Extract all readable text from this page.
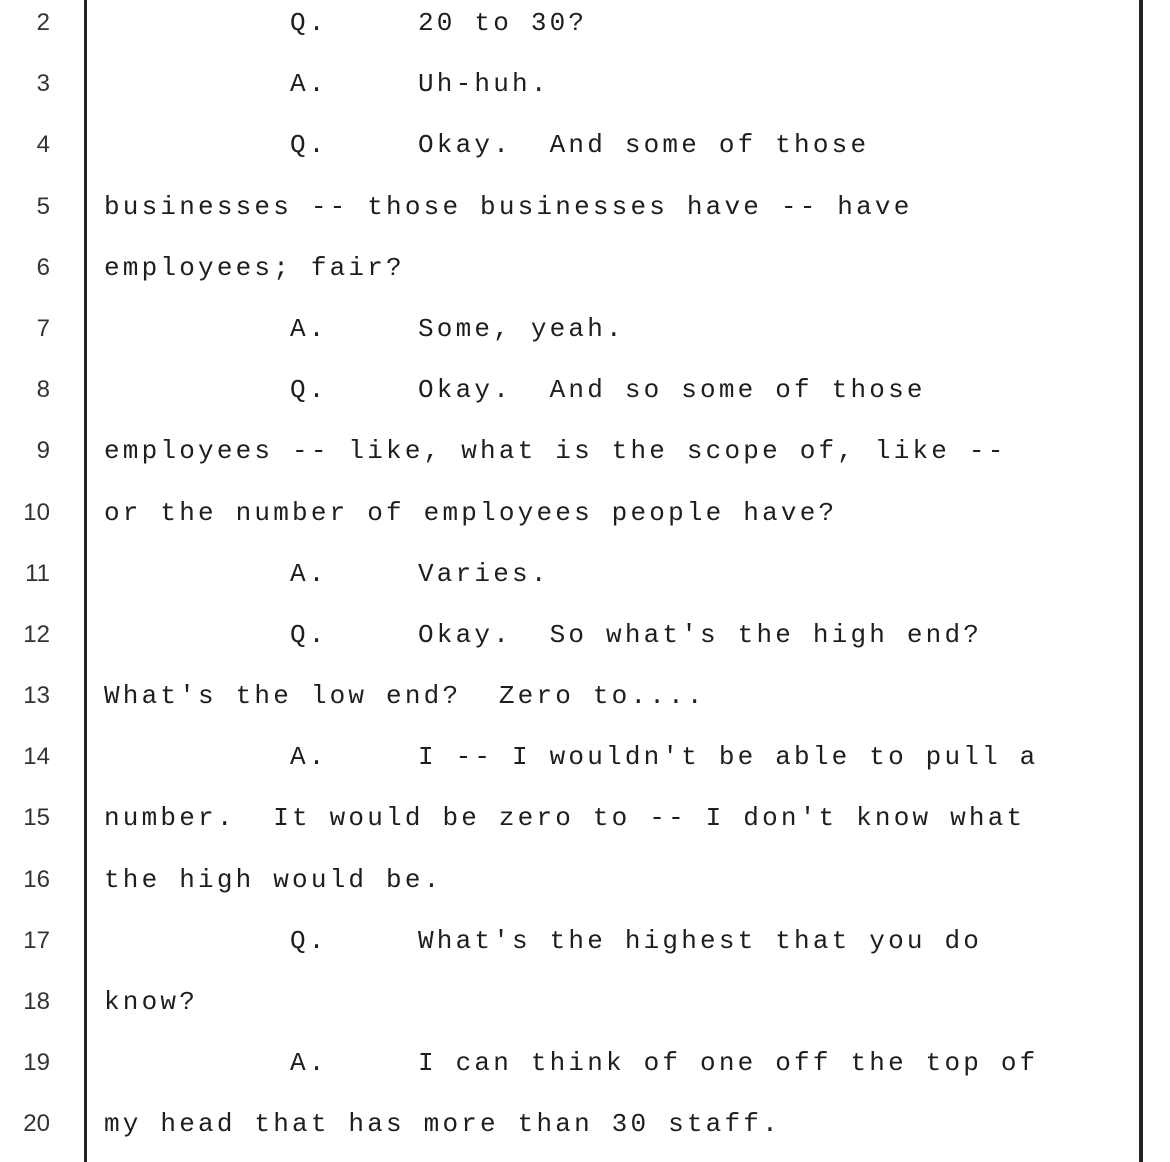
2	Q.	20 to 30?
3	A.	Uh-huh.
4	Q.	Okay.  And some of those
5 businesses -- those businesses have -- have
6 employees; fair?
7	A.	Some, yeah.
8	Q.	Okay.  And so some of those
9 employees -- like, what is the scope of, like --
10 or the number of employees people have?
11	A.	Varies.
12	Q.	Okay.  So what's the high end?
13 What's the low end?  Zero to....
14	A.	I -- I wouldn't be able to pull a
15 number.  It would be zero to -- I don't know what
16 the high would be.
17	Q.	What's the highest that you do
18 know?
19	A.	I can think of one off the top of
20 my head that has more than 30 staff.
